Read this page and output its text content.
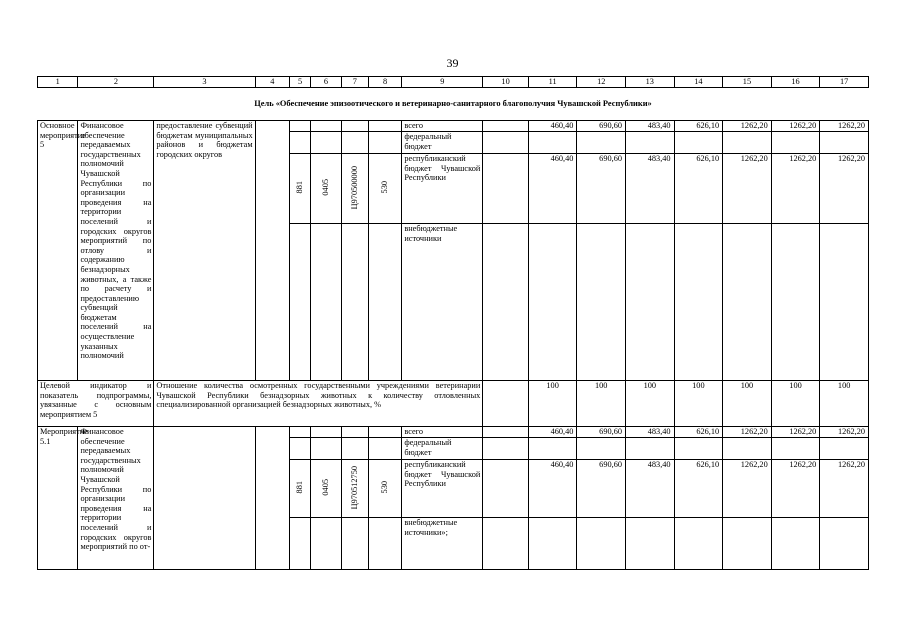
39
1	2	3	4	5	6	7	8	9	10	11	12	13	14	15	16	17
Цель «Обеспечение эпизоотического и ветеринарно-санитарного благополучия Чувашской Республики»																
Основное мероприятие 5	Финансовое обеспечение передаваемых государственных полномочий Чувашской Республики по организации проведения на территории поселений и городских округов мероприятий по отлову и содержанию безнадзорных животных, а также по расчету и предоставлению субвенций бюджетам поселений на осуществление указанных полномочий	предоставление субвенций бюджетам муниципальных районов и бюджетам городских округов						всего		460,40	690,60	483,40	626,10	1262,20	1262,20	1262,20
								федеральный бюджет								
				881	0405	Ц970500000	530	республиканский бюджет Чувашской Республики		460,40	690,60	483,40	626,10	1262,20	1262,20	1262,20
								внебюджетные источники								
Целевой индикатор и показатель подпрограммы, увязанные с основным мероприятием 5		Отношение количества осмотренных государственными учреждениями ветеринарии Чувашской Республики безнадзорных животных к количеству отловленных специализированной организацией безнадзорных животных, %								100	100	100	100	100	100	100
Мероприятие 5.1	Финансовое обеспечение передаваемых государственных полномочий Чувашской Республики по организации проведения на территории поселений и городских округов мероприятий по от-							всего		460,40	690,60	483,40	626,10	1262,20	1262,20	1262,20
								федеральный бюджет								
				881	0405	Ц970512750	530	республиканский бюджет Чувашской Республики		460,40	690,60	483,40	626,10	1262,20	1262,20	1262,20
								внебюджетные источники»;								
